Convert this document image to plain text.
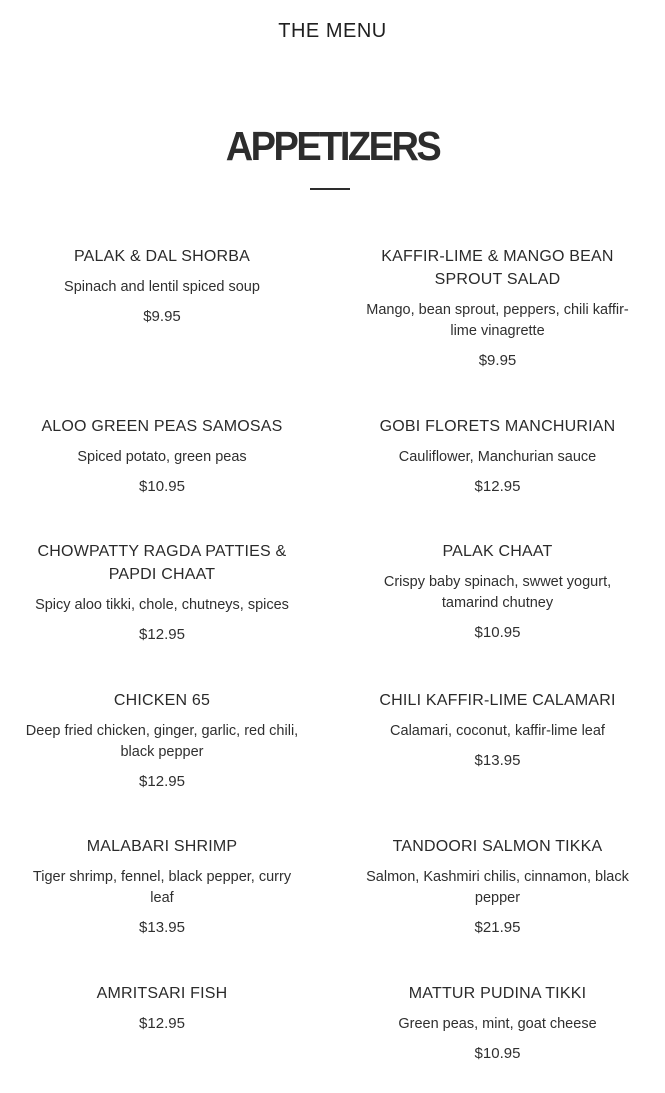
THE MENU
APPETIZERS

PALAK & DAL SHORBA

Spinach and lentil spiced soup

$9.95

KAFFIR-LIME & MANGO BEAN SPROUT SALAD

Mango, bean sprout, peppers, chili kaffir-lime vinagrette

$9.95

ALOO GREEN PEAS SAMOSAS

Spiced potato, green peas

$10.95

GOBI FLORETS MANCHURIAN

Cauliflower, Manchurian sauce

$12.95

CHOWPATTY RAGDA PATTIES & PAPDI CHAAT

Spicy aloo tikki, chole, chutneys, spices

$12.95

PALAK CHAAT

Crispy baby spinach, swwet yogurt, tamarind chutney

$10.95

CHICKEN 65

Deep fried chicken, ginger, garlic, red chili, black pepper

$12.95

CHILI KAFFIR-LIME CALAMARI

Calamari, coconut, kaffir-lime leaf

$13.95

MALABARI SHRIMP

Tiger shrimp, fennel, black pepper, curry leaf

$13.95

TANDOORI SALMON TIKKA

Salmon, Kashmiri chilis, cinnamon, black pepper

$21.95

AMRITSARI FISH

$12.95

MATTUR PUDINA TIKKI

Green peas, mint, goat cheese

$10.95
